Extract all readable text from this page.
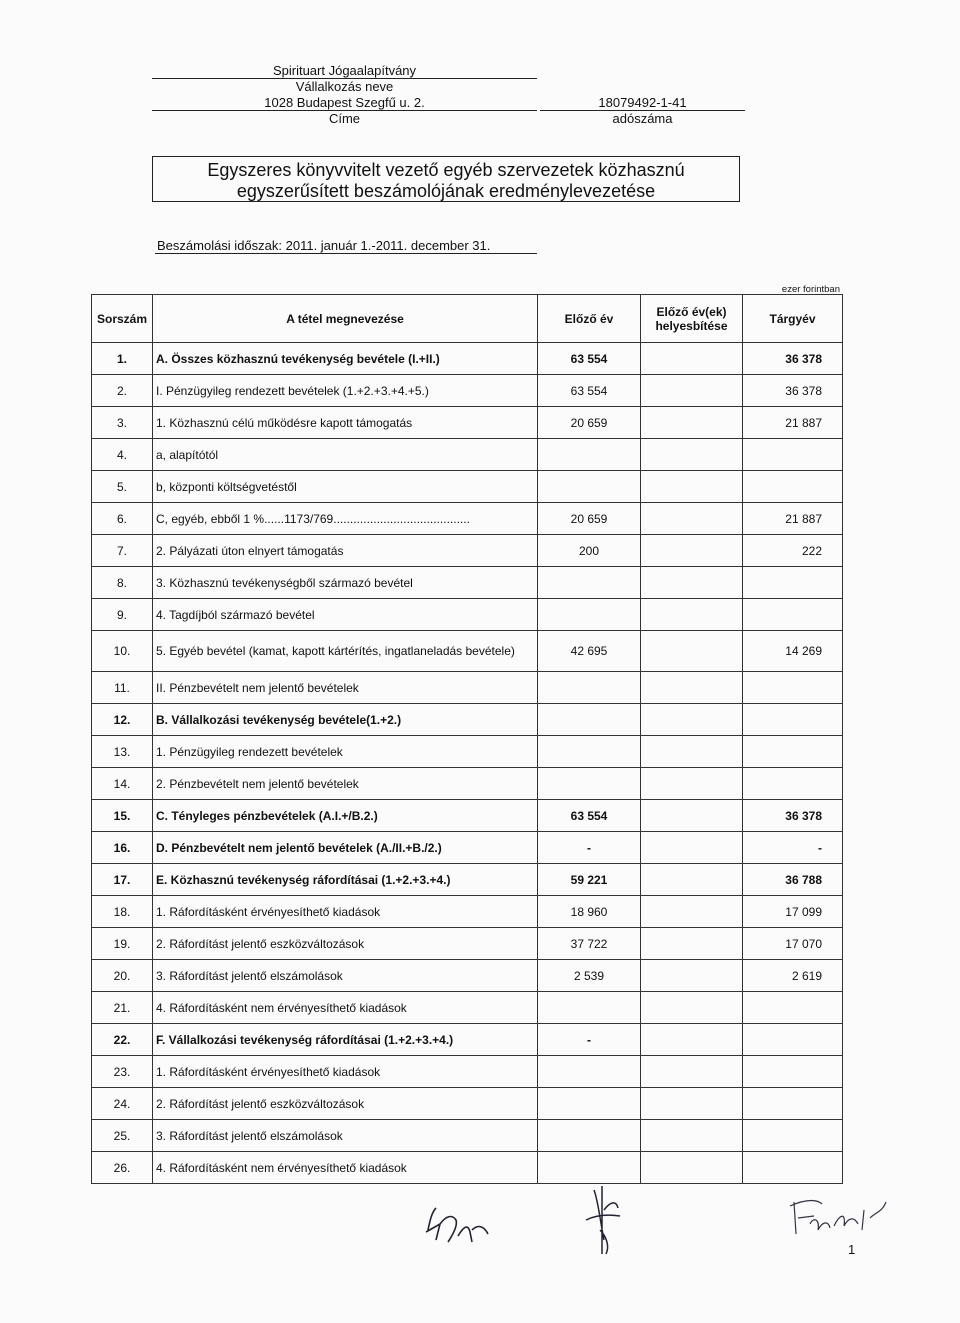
Spirituart Jógaalapítvány
Vállalkozás neve
1028 Budapest Szegfű u. 2.	18079492-1-41
Címe	adószáma
Egyszeres könyvvitelt vezető egyéb szervezetek közhasznú
egyszerűsített beszámolójának eredménylevezetése
Beszámolási időszak: 2011. január 1.-2011. december 31.
ezer forintban
Sorszám	A tétel megnevezése	Előző év	Előző év(ek) helyesbítése	Tárgyév
1.	A. Összes közhasznú tevékenység bevétele (I.+II.)	63 554		36 378
2.	I. Pénzügyileg rendezett bevételek (1.+2.+3.+4.+5.)	63 554		36 378
3.	1. Közhasznú célú működésre kapott támogatás	20 659		21 887
4.	a, alapítótól			
5.	b, központi költségvetéstől			
6.	C, egyéb, ebből 1 %......1173/769.........................................	20 659		21 887
7.	2. Pályázati úton elnyert támogatás	200		222
8.	3. Közhasznú tevékenységből származó bevétel			
9.	4. Tagdíjból származó bevétel			
10.	5. Egyéb bevétel (kamat, kapott kártérítés, ingatlaneladás bevétele)	42 695		14 269
11.	II. Pénzbevételt nem jelentő bevételek			
12.	B. Vállalkozási tevékenység bevétele(1.+2.)			
13.	1. Pénzügyileg rendezett bevételek			
14.	2. Pénzbevételt nem jelentő bevételek			
15.	C. Tényleges pénzbevételek (A.I.+/B.2.)	63 554		36 378
16.	D. Pénzbevételt nem jelentő bevételek (A./II.+B./2.)	-		-
17.	E. Közhasznú tevékenység ráfordításai (1.+2.+3.+4.)	59 221		36 788
18.	1. Ráfordításként érvényesíthető kiadások	18 960		17 099
19.	2. Ráfordítást jelentő eszközváltozások	37 722		17 070
20.	3. Ráfordítást jelentő elszámolások	2 539		2 619
21.	4. Ráfordításként nem érvényesíthető kiadások			
22.	F. Vállalkozási tevékenység ráfordításai (1.+2.+3.+4.)	-		
23.	1. Ráfordításként érvényesíthető kiadások			
24.	2. Ráfordítást jelentő eszközváltozások			
25.	3. Ráfordítást jelentő elszámolások			
26.	4. Ráfordításként nem érvényesíthető kiadások			
1
